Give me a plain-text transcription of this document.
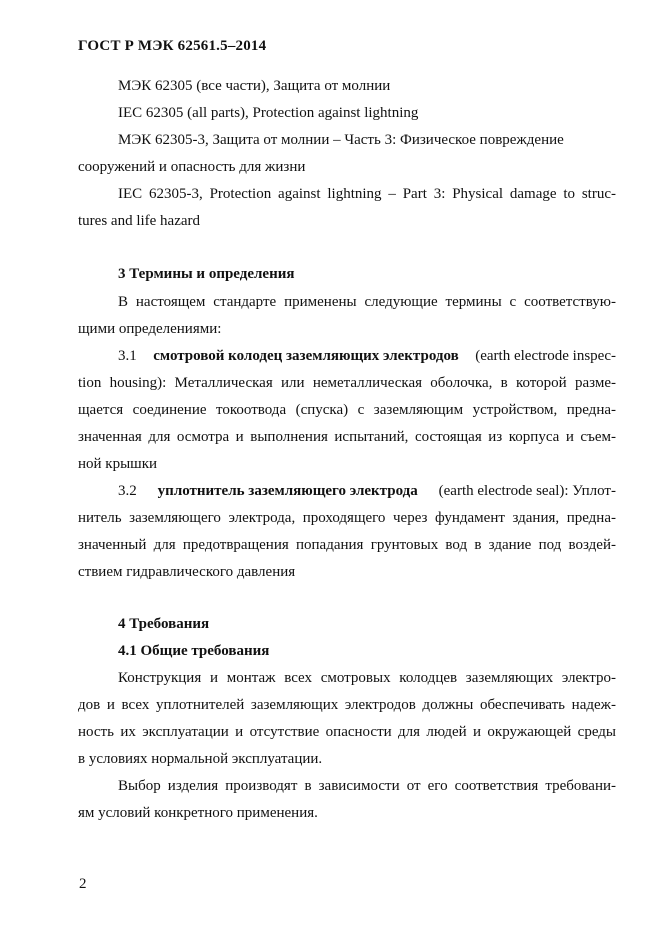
ГОСТ Р МЭК 62561.5–2014
МЭК 62305 (все части), Защита от молнии
IEC 62305 (all parts), Protection against lightning
МЭК 62305-3, Защита от молнии – Часть 3: Физическое повреждение
сооружений и опасность для жизни
IEC 62305-3, Protection against lightning – Part 3: Physical damage to struc-
tures and life hazard
3 Термины и определения
В настоящем стандарте применены следующие термины с соответствую-
щими определениями:
3.1 смотровой колодец заземляющих электродов (earth electrode inspec-
tion housing): Металлическая или неметаллическая оболочка, в которой разме-
щается соединение токоотвода (спуска) с заземляющим устройством, предна-
значенная для осмотра и выполнения испытаний, состоящая из корпуса и съем-
ной крышки
3.2 уплотнитель заземляющего электрода (earth electrode seal): Уплот-
нитель заземляющего электрода, проходящего через фундамент здания, предна-
значенный для предотвращения попадания грунтовых вод в здание под воздей-
ствием гидравлического давления
4 Требования
4.1 Общие требования
Конструкция и монтаж всех смотровых колодцев заземляющих электро-
дов и всех уплотнителей заземляющих электродов должны обеспечивать надеж-
ность их эксплуатации и отсутствие опасности для людей и окружающей среды
в условиях нормальной эксплуатации.
Выбор изделия производят в зависимости от его соответствия требовани-
ям условий конкретного применения.
2
